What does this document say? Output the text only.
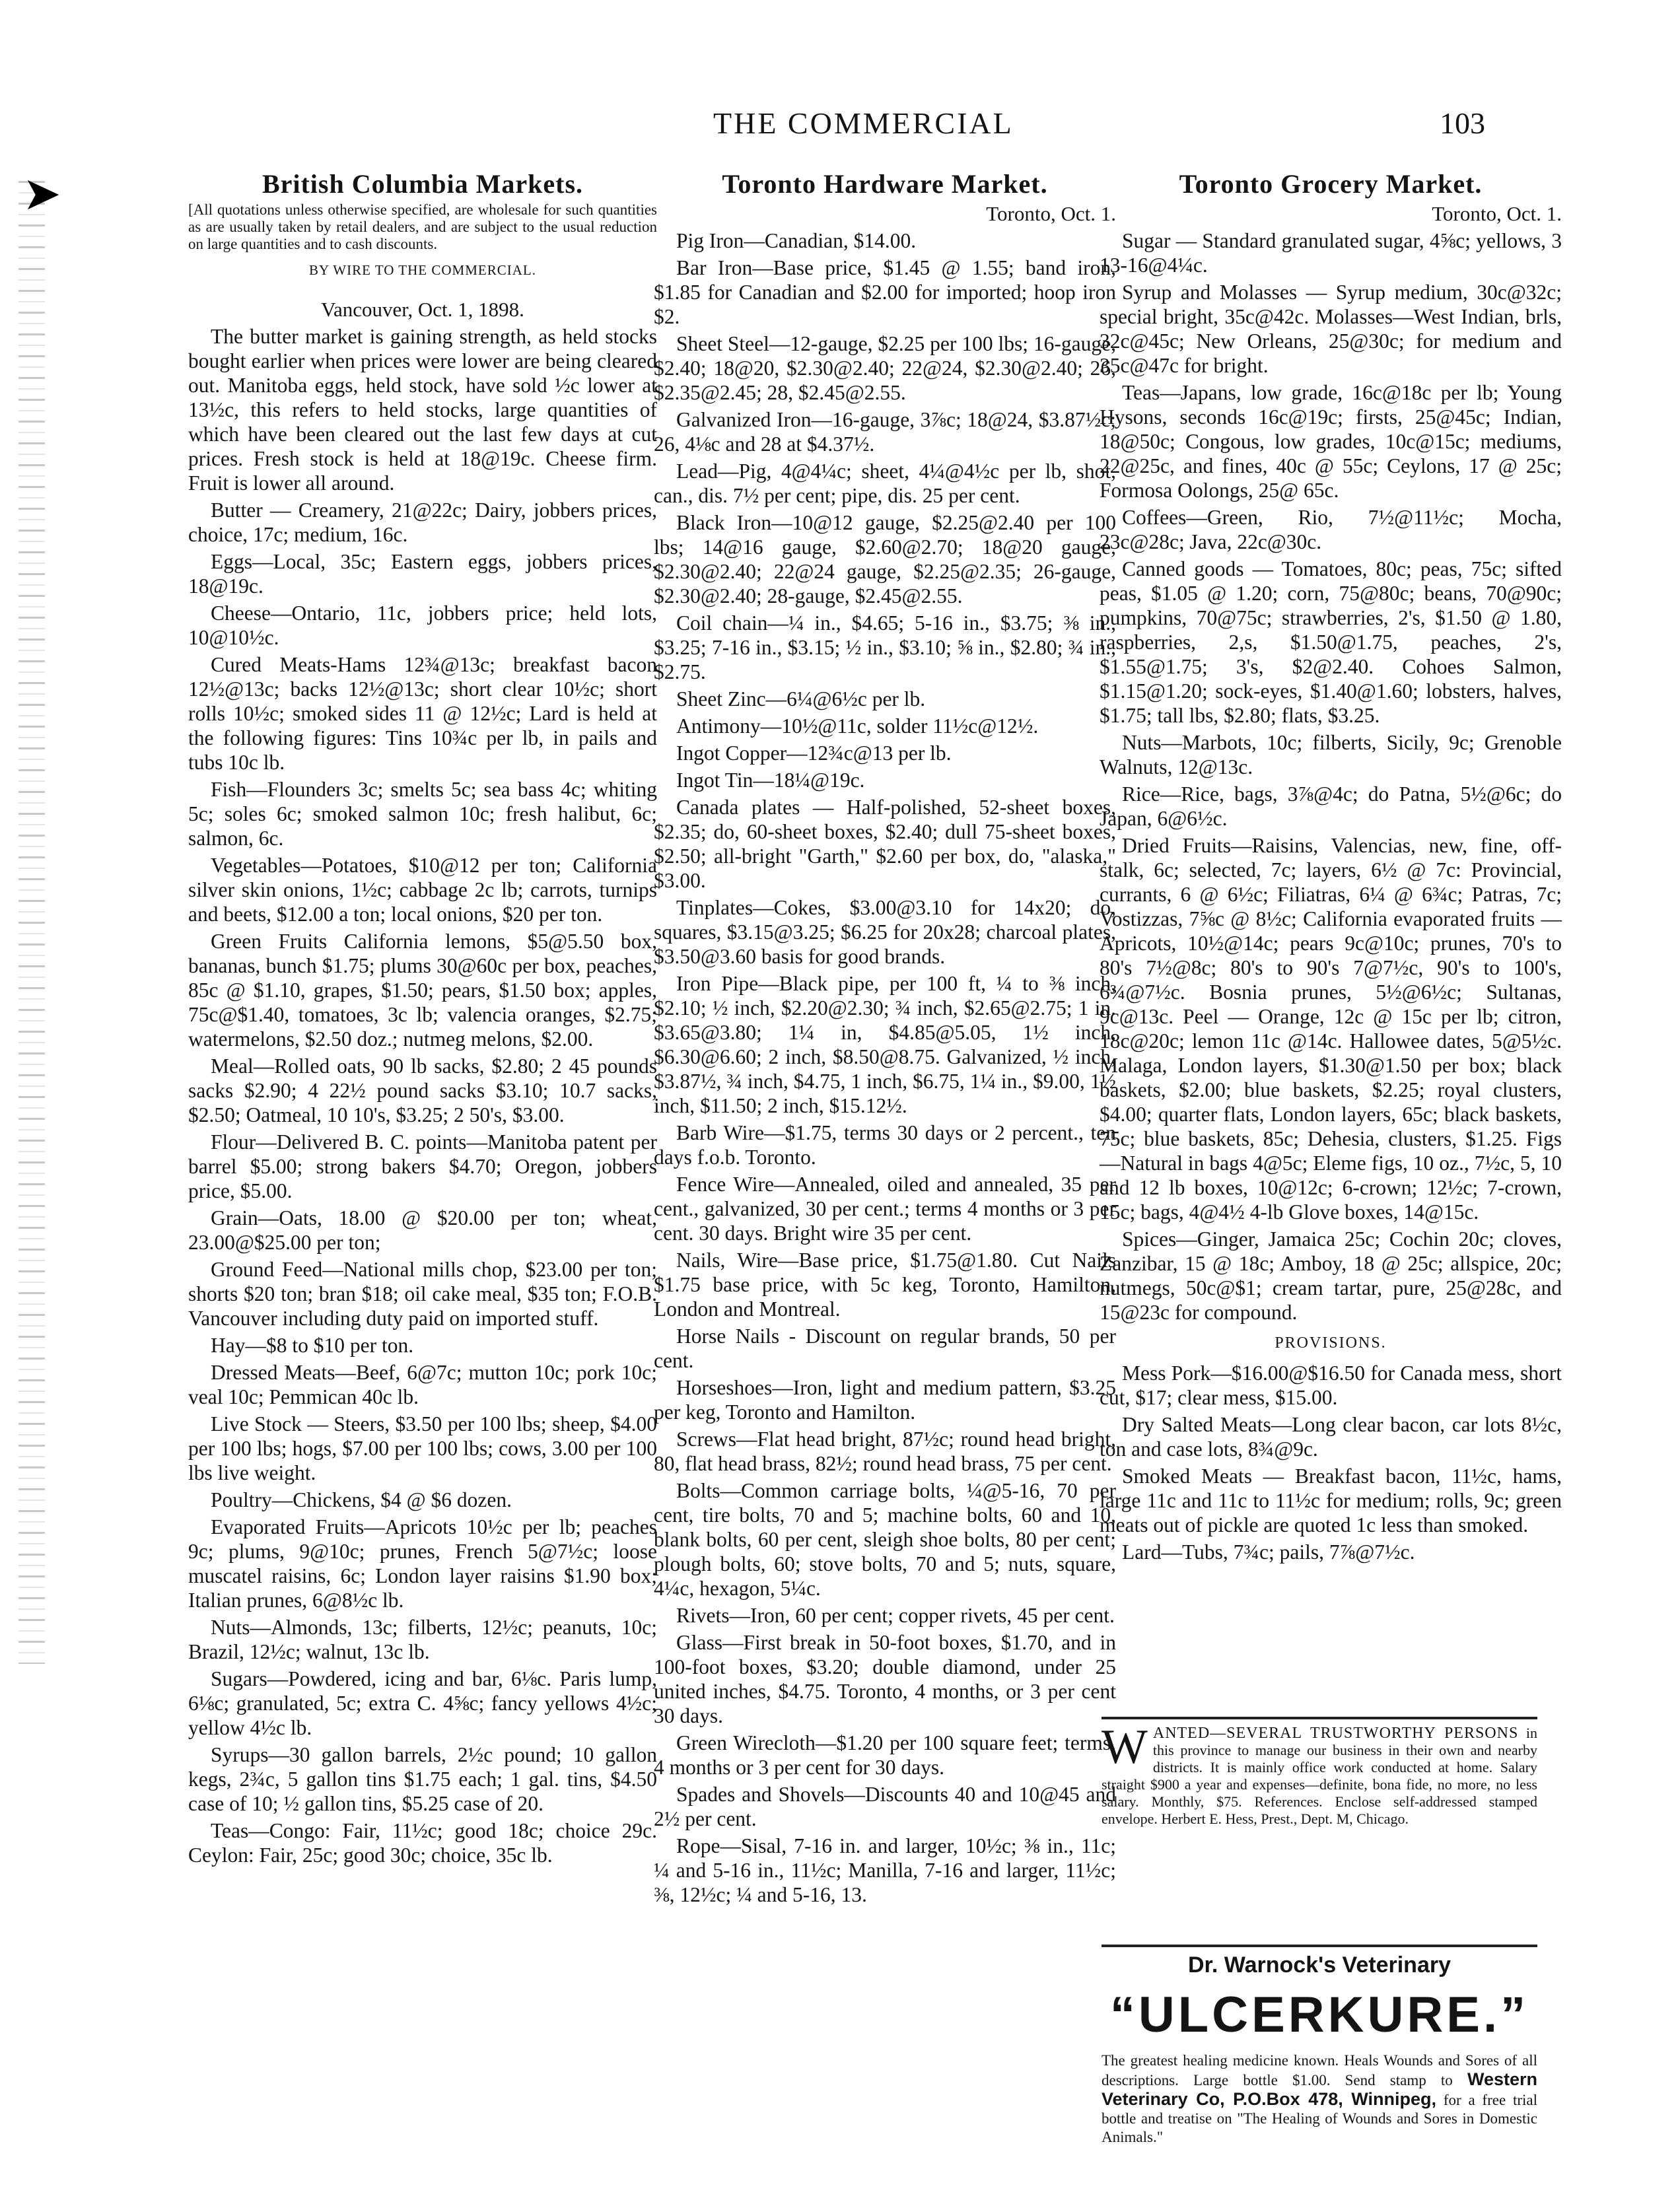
➤
THE COMMERCIAL	103
British Columbia Markets.
[All quotations unless otherwise specified, are wholesale for such quantities as are usually taken by retail dealers, and are subject to the usual reduction on large quantities and to cash discounts.
BY WIRE TO THE COMMERCIAL.
Vancouver, Oct. 1, 1898.

The butter market is gaining strength, as held stocks bought earlier when prices were lower are being cleared out. Manitoba eggs, held stock, have sold ½c lower at 13½c, this refers to held stocks, large quantities of which have been cleared out the last few days at cut prices. Fresh stock is held at 18@19c. Cheese firm. Fruit is lower all around.

Butter — Creamery, 21@22c; Dairy, jobbers prices, choice, 17c; medium, 16c.

Eggs—Local, 35c; Eastern eggs, jobbers prices, 18@19c.

Cheese—Ontario, 11c, jobbers price; held lots, 10@10½c.

Cured Meats-Hams 12¾@13c; breakfast bacon 12½@13c; backs 12½@13c; short clear 10½c; short rolls 10½c; smoked sides 11 @ 12½c; Lard is held at the following figures: Tins 10¾c per lb, in pails and tubs 10c lb.

Fish—Flounders 3c; smelts 5c; sea bass 4c; whiting 5c; soles 6c; smoked salmon 10c; fresh halibut, 6c; salmon, 6c.

Vegetables—Potatoes, $10@12 per ton; California silver skin onions, 1½c; cabbage 2c lb; carrots, turnips and beets, $12.00 a ton; local onions, $20 per ton.

Green Fruits California lemons, $5@5.50 box, bananas, bunch $1.75; plums 30@60c per box, peaches, 85c @ $1.10, grapes, $1.50; pears, $1.50 box; apples, 75c@$1.40, tomatoes, 3c lb; valencia oranges, $2.75; watermelons, $2.50 doz.; nutmeg melons, $2.00.

Meal—Rolled oats, 90 lb sacks, $2.80; 2 45 pounds sacks $2.90; 4 22½ pound sacks $3.10; 10.7 sacks, $2.50; Oatmeal, 10 10's, $3.25; 2 50's, $3.00.

Flour—Delivered B. C. points—Manitoba patent per barrel $5.00; strong bakers $4.70; Oregon, jobbers price, $5.00.

Grain—Oats, 18.00 @ $20.00 per ton; wheat, 23.00@$25.00 per ton;

Ground Feed—National mills chop, $23.00 per ton; shorts $20 ton; bran $18; oil cake meal, $35 ton; F.O.B. Vancouver including duty paid on imported stuff.

Hay—$8 to $10 per ton.

Dressed Meats—Beef, 6@7c; mutton 10c; pork 10c; veal 10c; Pemmican 40c lb.

Live Stock — Steers, $3.50 per 100 lbs; sheep, $4.00 per 100 lbs; hogs, $7.00 per 100 lbs; cows, 3.00 per 100 lbs live weight.

Poultry—Chickens, $4 @ $6 dozen.

Evaporated Fruits—Apricots 10½c per lb; peaches 9c; plums, 9@10c; prunes, French 5@7½c; loose muscatel raisins, 6c; London layer raisins $1.90 box; Italian prunes, 6@8½c lb.

Nuts—Almonds, 13c; filberts, 12½c; peanuts, 10c; Brazil, 12½c; walnut, 13c lb.

Sugars—Powdered, icing and bar, 6⅛c. Paris lump, 6⅛c; granulated, 5c; extra C. 4⅝c; fancy yellows 4½c; yellow 4½c lb.

Syrups—30 gallon barrels, 2½c pound; 10 gallon kegs, 2¾c, 5 gallon tins $1.75 each; 1 gal. tins, $4.50 case of 10; ½ gallon tins, $5.25 case of 20.

Teas—Congo: Fair, 11½c; good 18c; choice 29c. Ceylon: Fair, 25c; good 30c; choice, 35c lb.

Toronto Hardware Market.
Toronto, Oct. 1.

Pig Iron—Canadian, $14.00.

Bar Iron—Base price, $1.45 @ 1.55; band iron, $1.85 for Canadian and $2.00 for imported; hoop iron $2.

Sheet Steel—12-gauge, $2.25 per 100 lbs; 16-gauge, $2.40; 18@20, $2.30@2.40; 22@24, $2.30@2.40; 26, $2.35@2.45; 28, $2.45@2.55.

Galvanized Iron—16-gauge, 3⅞c; 18@24, $3.87½c; 26, 4⅛c and 28 at $4.37½.

Lead—Pig, 4@4¼c; sheet, 4¼@4½c per lb, shot, can., dis. 7½ per cent; pipe, dis. 25 per cent.

Black Iron—10@12 gauge, $2.25@2.40 per 100 lbs; 14@16 gauge, $2.60@2.70; 18@20 gauge, $2.30@2.40; 22@24 gauge, $2.25@2.35; 26-gauge, $2.30@2.40; 28-gauge, $2.45@2.55.

Coil chain—¼ in., $4.65; 5-16 in., $3.75; ⅜ in., $3.25; 7-16 in., $3.15; ½ in., $3.10; ⅝ in., $2.80; ¾ in., $2.75.

Sheet Zinc—6¼@6½c per lb.

Antimony—10½@11c, solder 11½c@12½.

Ingot Copper—12¾c@13 per lb.

Ingot Tin—18¼@19c.

Canada plates — Half-polished, 52-sheet boxes, $2.35; do, 60-sheet boxes, $2.40; dull 75-sheet boxes, $2.50; all-bright "Garth," $2.60 per box, do, "alaska," $3.00.

Tinplates—Cokes, $3.00@3.10 for 14x20; do, squares, $3.15@3.25; $6.25 for 20x28; charcoal plates, $3.50@3.60 basis for good brands.

Iron Pipe—Black pipe, per 100 ft, ¼ to ⅜ inch, $2.10; ½ inch, $2.20@2.30; ¾ inch, $2.65@2.75; 1 in. $3.65@3.80; 1¼ in, $4.85@5.05, 1½ inch, $6.30@6.60; 2 inch, $8.50@8.75. Galvanized, ½ inch, $3.87½, ¾ inch, $4.75, 1 inch, $6.75, 1¼ in., $9.00, 1½ inch, $11.50; 2 inch, $15.12½.

Barb Wire—$1.75, terms 30 days or 2 percent., ten days f.o.b. Toronto.

Fence Wire—Annealed, oiled and annealed, 35 per cent., galvanized, 30 per cent.; terms 4 months or 3 per cent. 30 days. Bright wire 35 per cent.

Nails, Wire—Base price, $1.75@1.80. Cut Nails $1.75 base price, with 5c keg, Toronto, Hamilton, London and Montreal.

Horse Nails - Discount on regular brands, 50 per cent.

Horseshoes—Iron, light and medium pattern, $3.25 per keg, Toronto and Hamilton.

Screws—Flat head bright, 87½c; round head bright, 80, flat head brass, 82½; round head brass, 75 per cent.

Bolts—Common carriage bolts, ¼@5-16, 70 per cent, tire bolts, 70 and 5; machine bolts, 60 and 10, blank bolts, 60 per cent, sleigh shoe bolts, 80 per cent; plough bolts, 60; stove bolts, 70 and 5; nuts, square, 4¼c, hexagon, 5¼c.

Rivets—Iron, 60 per cent; copper rivets, 45 per cent.

Glass—First break in 50-foot boxes, $1.70, and in 100-foot boxes, $3.20; double diamond, under 25 united inches, $4.75. Toronto, 4 months, or 3 per cent 30 days.

Green Wirecloth—$1.20 per 100 square feet; terms, 4 months or 3 per cent for 30 days.

Spades and Shovels—Discounts 40 and 10@45 and 2½ per cent.

Rope—Sisal, 7-16 in. and larger, 10½c; ⅜ in., 11c; ¼ and 5-16 in., 11½c; Manilla, 7-16 and larger, 11½c; ⅜, 12½c; ¼ and 5-16, 13.

Toronto Grocery Market.
Toronto, Oct. 1.

Sugar — Standard granulated sugar, 4⅝c; yellows, 3 13-16@4¼c.

Syrup and Molasses — Syrup medium, 30c@32c; special bright, 35c@42c. Molasses—West Indian, brls, 32c@45c; New Orleans, 25@30c; for medium and 35c@47c for bright.

Teas—Japans, low grade, 16c@18c per lb; Young Hysons, seconds 16c@19c; firsts, 25@45c; Indian, 18@50c; Congous, low grades, 10c@15c; mediums, 22@25c, and fines, 40c @ 55c; Ceylons, 17 @ 25c; Formosa Oolongs, 25@ 65c.

Coffees—Green, Rio, 7½@11½c; Mocha, 23c@28c; Java, 22c@30c.

Canned goods — Tomatoes, 80c; peas, 75c; sifted peas, $1.05 @ 1.20; corn, 75@80c; beans, 70@90c; pumpkins, 70@75c; strawberries, 2's, $1.50 @ 1.80, raspberries, 2,s, $1.50@1.75, peaches, 2's, $1.55@1.75; 3's, $2@2.40. Cohoes Salmon, $1.15@1.20; sock-eyes, $1.40@1.60; lobsters, halves, $1.75; tall lbs, $2.80; flats, $3.25.

Nuts—Marbots, 10c; filberts, Sicily, 9c; Grenoble Walnuts, 12@13c.

Rice—Rice, bags, 3⅞@4c; do Patna, 5½@6c; do Japan, 6@6½c.

Dried Fruits—Raisins, Valencias, new, fine, off-stalk, 6c; selected, 7c; layers, 6½ @ 7c: Provincial, currants, 6 @ 6½c; Filiatras, 6¼ @ 6¾c; Patras, 7c; Vostizzas, 7⅝c @ 8½c; California evaporated fruits — Apricots, 10½@14c; pears 9c@10c; prunes, 70's to 80's 7½@8c; 80's to 90's 7@7½c, 90's to 100's, 6¾@7½c. Bosnia prunes, 5½@6½c; Sultanas, 9c@13c. Peel — Orange, 12c @ 15c per lb; citron, 18c@20c; lemon 11c @14c. Hallowee dates, 5@5½c. Malaga, London layers, $1.30@1.50 per box; black baskets, $2.00; blue baskets, $2.25; royal clusters, $4.00; quarter flats, London layers, 65c; black baskets, 75c; blue baskets, 85c; Dehesia, clusters, $1.25. Figs —Natural in bags 4@5c; Eleme figs, 10 oz., 7½c, 5, 10 and 12 lb boxes, 10@12c; 6-crown; 12½c; 7-crown, 15c; bags, 4@4½ 4-lb Glove boxes, 14@15c.

Spices—Ginger, Jamaica 25c; Cochin 20c; cloves, Zanzibar, 15 @ 18c; Amboy, 18 @ 25c; allspice, 20c; nutmegs, 50c@$1; cream tartar, pure, 25@28c, and 15@23c for compound.

PROVISIONS.

Mess Pork—$16.00@$16.50 for Canada mess, short cut, $17; clear mess, $15.00.

Dry Salted Meats—Long clear bacon, car lots 8½c, ton and case lots, 8¾@9c.

Smoked Meats — Breakfast bacon, 11½c, hams, large 11c and 11c to 11½c for medium; rolls, 9c; green meats out of pickle are quoted 1c less than smoked.

Lard—Tubs, 7¾c; pails, 7⅞@7½c.

W ANTED—SEVERAL TRUSTWORTHY PERSONS in this province to manage our business in their own and nearby districts. It is mainly office work conducted at home. Salary straight $900 a year and expenses—definite, bona fide, no more, no less salary. Monthly, $75. References. Enclose self-addressed stamped envelope. Herbert E. Hess, Prest., Dept. M, Chicago.
Dr. Warnock's Veterinary
“ULCERKURE.”
The greatest healing medicine known. Heals Wounds and Sores of all descriptions. Large bottle $1.00. Send stamp to Western Veterinary Co, P.O.Box 478, Winnipeg, for a free trial bottle and treatise on "The Healing of Wounds and Sores in Domestic Animals."
